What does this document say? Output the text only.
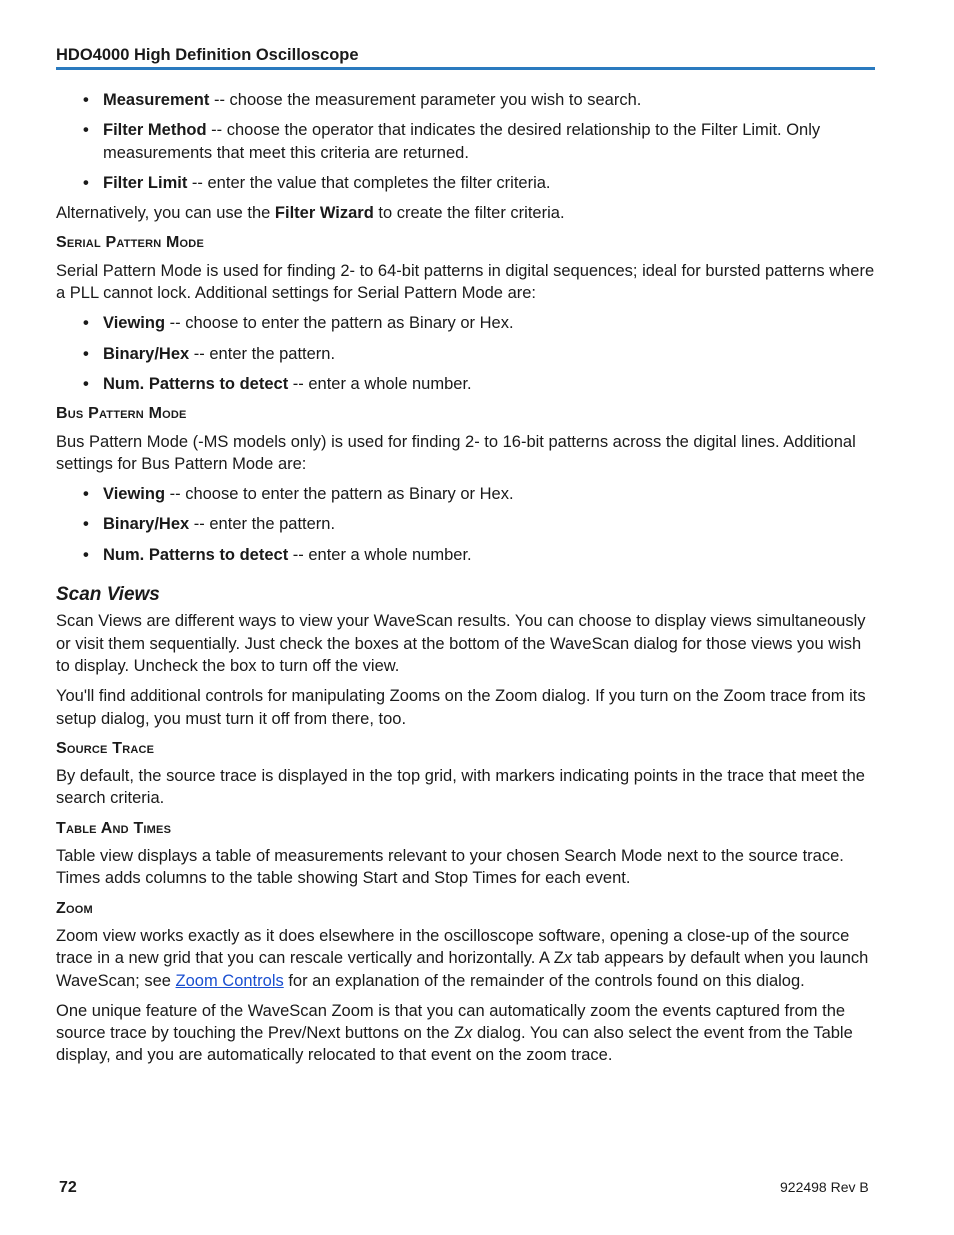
HDO4000 High Definition Oscilloscope
• Measurement -- choose the measurement parameter you wish to search.
• Filter Method -- choose the operator that indicates the desired relationship to the Filter Limit. Only measurements that meet this criteria are returned.
• Filter Limit -- enter the value that completes the filter criteria.

Alternatively, you can use the Filter Wizard to create the filter criteria.

Serial Pattern Mode

Serial Pattern Mode is used for finding 2- to 64-bit patterns in digital sequences; ideal for bursted patterns where a PLL cannot lock. Additional settings for Serial Pattern Mode are:

• Viewing -- choose to enter the pattern as Binary or Hex.
• Binary/Hex -- enter the pattern.
• Num. Patterns to detect -- enter a whole number.
Bus Pattern Mode

Bus Pattern Mode (-MS models only) is used for finding 2- to 16-bit patterns across the digital lines. Additional settings for Bus Pattern Mode are:

• Viewing -- choose to enter the pattern as Binary or Hex.
• Binary/Hex -- enter the pattern.
• Num. Patterns to detect -- enter a whole number.
Scan Views

Scan Views are different ways to view your WaveScan results. You can choose to display views simultaneously or visit them sequentially. Just check the boxes at the bottom of the WaveScan dialog for those views you wish to display. Uncheck the box to turn off the view.

You'll find additional controls for manipulating Zooms on the Zoom dialog. If you turn on the Zoom trace from its setup dialog, you must turn it off from there, too.

Source Trace

By default, the source trace is displayed in the top grid, with markers indicating points in the trace that meet the search criteria.

Table And Times

Table view displays a table of measurements relevant to your chosen Search Mode next to the source trace. Times adds columns to the table showing Start and Stop Times for each event.

Zoom

Zoom view works exactly as it does elsewhere in the oscilloscope software, opening a close-up of the source trace in a new grid that you can rescale vertically and horizontally. A Zx tab appears by default when you launch WaveScan; see Zoom Controls for an explanation of the remainder of the controls found on this dialog.

One unique feature of the WaveScan Zoom is that you can automatically zoom the events captured from the source trace by touching the Prev/Next buttons on the Zx dialog. You can also select the event from the Table display, and you are automatically relocated to that event on the zoom trace.

72	922498 Rev B
